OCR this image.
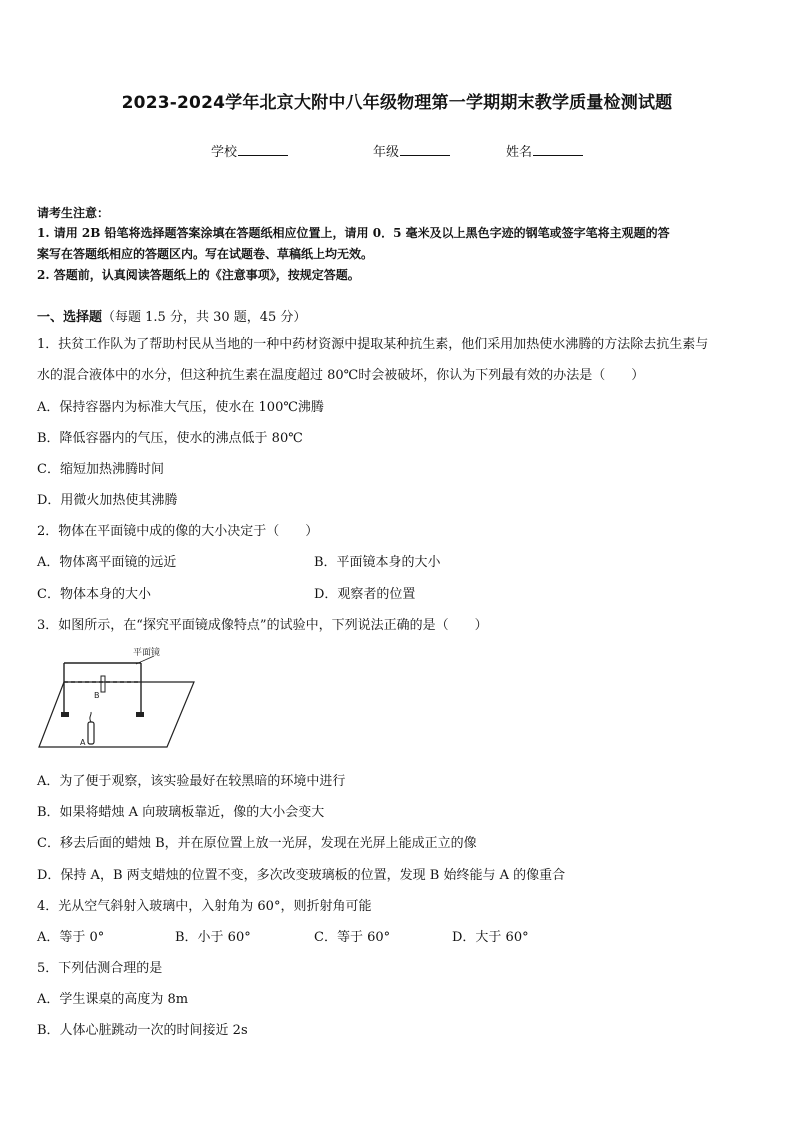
2023-2024学年北京大附中八年级物理第一学期期末教学质量检测试题
学校	年级	姓名
请考生注意：
1. 请用 2B 铅笔将选择题答案涂填在答题纸相应位置上，请用 0．5 毫米及以上黑色字迹的钢笔或签字笔将主观题的答
案写在答题纸相应的答题区内。写在试题卷、草稿纸上均无效。
2. 答题前，认真阅读答题纸上的《注意事项》，按规定答题。
一、选择题（每题 1.5 分，共 30 题，45 分）
1．扶贫工作队为了帮助村民从当地的一种中药材资源中提取某种抗生素，他们采用加热使水沸腾的方法除去抗生素与
水的混合液体中的水分，但这种抗生素在温度超过 80℃时会被破坏，你认为下列最有效的办法是（　　）
A．保持容器内为标准大气压，使水在 100℃沸腾
B．降低容器内的气压，使水的沸点低于 80℃
C．缩短加热沸腾时间
D．用微火加热使其沸腾
2．物体在平面镜中成的像的大小决定于（　　）
A．物体离平面镜的远近	B．平面镜本身的大小
C．物体本身的大小	D．观察者的位置
3．如图所示，在“探究平面镜成像特点”的试验中，下列说法正确的是（　　）
平面镜
B
A
A．为了便于观察，该实验最好在较黑暗的环境中进行
B．如果将蜡烛 A 向玻璃板靠近，像的大小会变大
C．移去后面的蜡烛 B，并在原位置上放一光屏，发现在光屏上能成正立的像
D．保持 A，B 两支蜡烛的位置不变，多次改变玻璃板的位置，发现 B 始终能与 A 的像重合
4．光从空气斜射入玻璃中，入射角为 60°，则折射角可能
A．等于 0°	B．小于 60°	C．等于 60°	D．大于 60°
5．下列估测合理的是
A．学生课桌的高度为 8m
B．人体心脏跳动一次的时间接近 2s
